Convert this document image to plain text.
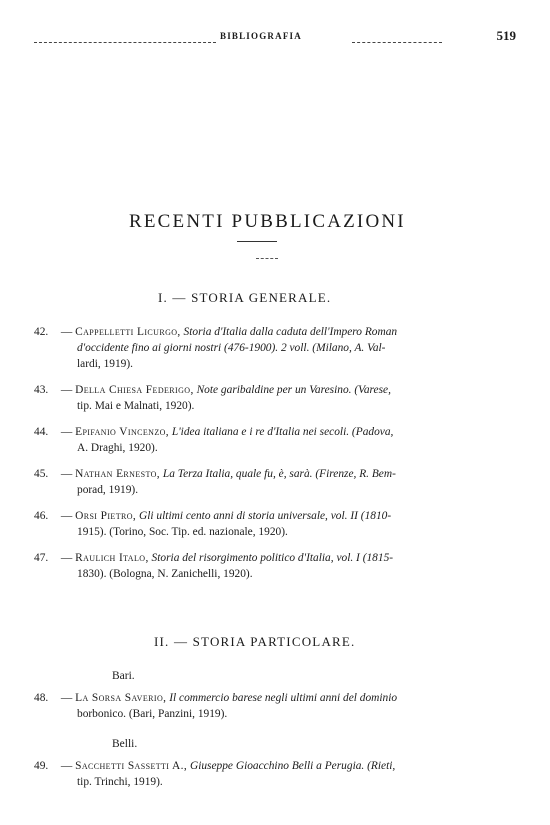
BIBLIOGRAFIA	519
RECENTI PUBBLICAZIONI
I. — STORIA GENERALE.
42. — Cappelletti Licurgo, Storia d'Italia dalla caduta dell'Impero Roman
d'occidente fino ai giorni nostri (476-1900). 2 voll. (Milano, A. Val-
lardi, 1919).
43. — Della Chiesa Federigo, Note garibaldine per un Varesino. (Varese,
tip. Mai e Malnati, 1920).
44. — Epifanio Vincenzo, L'idea italiana e i re d'Italia nei secoli. (Padova,
A. Draghi, 1920).
45. — Nathan Ernesto, La Terza Italia, quale fu, è, sarà. (Firenze, R. Bem-
porad, 1919).
46. — Orsi Pietro, Gli ultimi cento anni di storia universale, vol. II (1810-
1915). (Torino, Soc. Tip. ed. nazionale, 1920).
47. — Raulich Italo, Storia del risorgimento politico d'Italia, vol. I (1815-
1830). (Bologna, N. Zanichelli, 1920).
II. — STORIA PARTICOLARE.
Bari.
48. — La Sorsa Saverio, Il commercio barese negli ultimi anni del dominio
borbonico. (Bari, Panzini, 1919).
Belli.
49. — Sacchetti Sassetti A., Giuseppe Gioacchino Belli a Perugia. (Rieti,
tip. Trinchi, 1919).
